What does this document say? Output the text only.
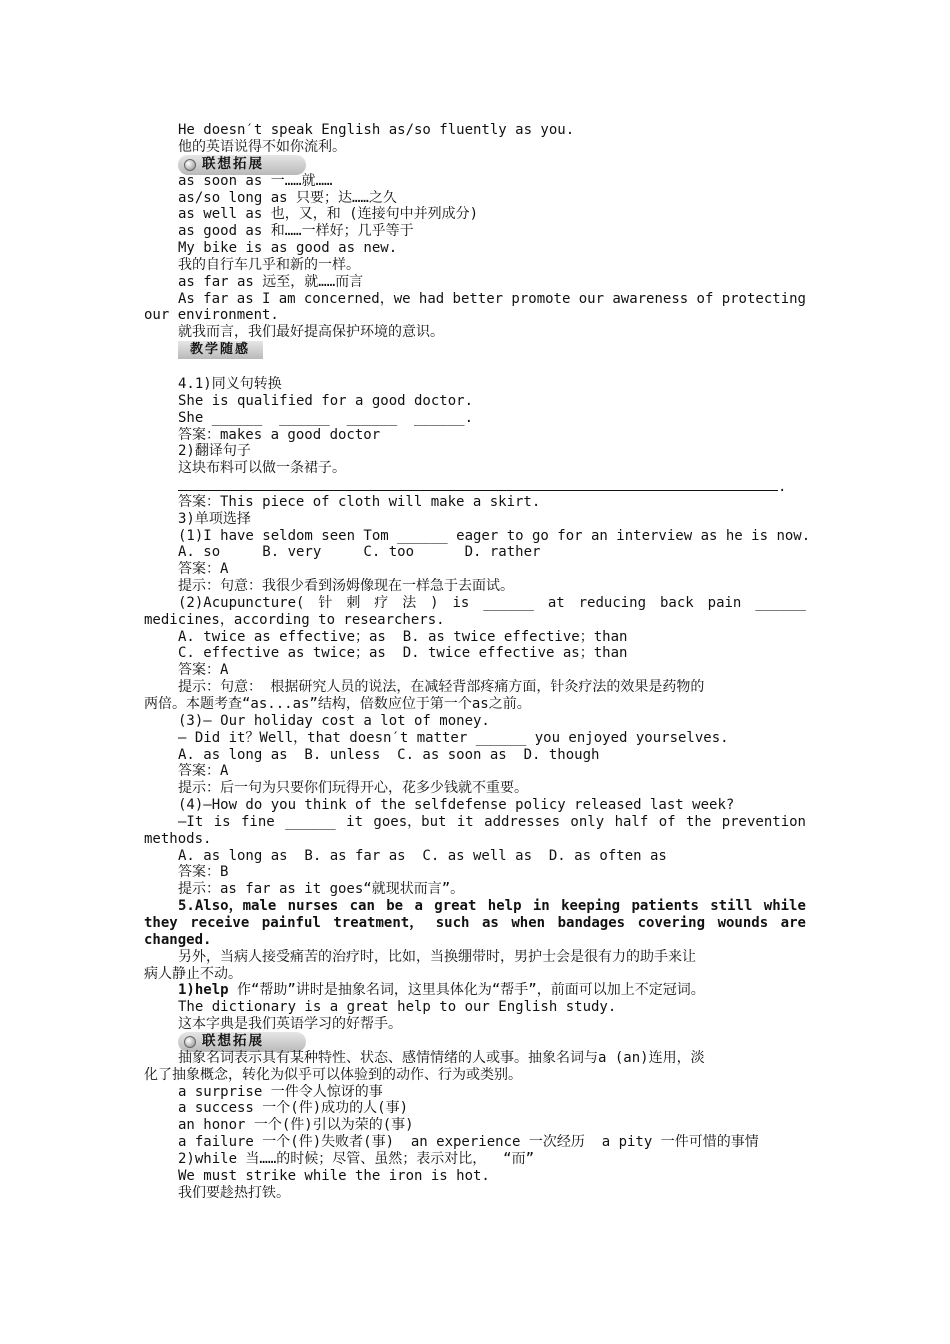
He doesn′t speak English as/so fluently as you.
他的英语说得不如你流利。
联想拓展
as soon as 一……就……
as/so long as 只要；达……之久
as well as 也，又，和 (连接句中并列成分)
as good as 和……一样好；几乎等于
My bike is as good as new.
我的自行车几乎和新的一样。
as far as 远至，就……而言
As far as I am concerned，we had better promote our awareness of protecting
our environment.
就我而言，我们最好提高保护环境的意识。
教学随感
4.1)同义句转换
She is qualified for a good doctor.
She ______  ______  ______  ______.
答案：makes a good doctor
2)翻译句子
这块布料可以做一条裙子。
.
答案：This piece of cloth will make a skirt.
3)单项选择
(1)I have seldom seen Tom ______ eager to go for an interview as he is now.
A. so     B. very     C. too      D. rather
答案：A
提示：句意：我很少看到汤姆像现在一样急于去面试。
(2)Acupuncture( 针 刺 疗 法 ) is ______ at reducing back pain ______
medicines，according to researchers.
A. twice as effective；as  B. as twice effective；than
C. effective as twice；as  D. twice effective as；than
答案：A
提示：句意： 根据研究人员的说法，在减轻背部疼痛方面，针灸疗法的效果是药物的
两倍。本题考查“as...as”结构，倍数应位于第一个as之前。
(3)— Our holiday cost a lot of money.
— Did it？Well，that doesn′t matter ______ you enjoyed yourselves.
A. as long as  B. unless  C. as soon as  D. though
答案：A
提示：后一句为只要你们玩得开心，花多少钱就不重要。
(4)—How do you think of the selfdefense policy released last week?
—It is fine ______ it goes，but it addresses only half of the prevention
methods.
A. as long as  B. as far as  C. as well as  D. as often as
答案：B
提示：as far as it goes“就现状而言”。
5.Also，male nurses can be a great help in keeping patients still while
they receive painful treatment， such as when bandages covering wounds are
changed.
另外，当病人接受痛苦的治疗时，比如，当换绷带时，男护士会是很有力的助手来让
病人静止不动。
1)help 作“帮助”讲时是抽象名词，这里具体化为“帮手”，前面可以加上不定冠词。
The dictionary is a great help to our English study.
这本字典是我们英语学习的好帮手。
联想拓展
抽象名词表示具有某种特性、状态、感情情绪的人或事。抽象名词与a (an)连用，淡
化了抽象概念，转化为似乎可以体验到的动作、行为或类别。
a surprise 一件令人惊讶的事
a success 一个(件)成功的人(事)
an honor 一个(件)引以为荣的(事)
a failure 一个(件)失败者(事)  an experience 一次经历  a pity 一件可惜的事情
2)while 当……的时候；尽管、虽然；表示对比，  “而”
We must strike while the iron is hot.
我们要趁热打铁。
